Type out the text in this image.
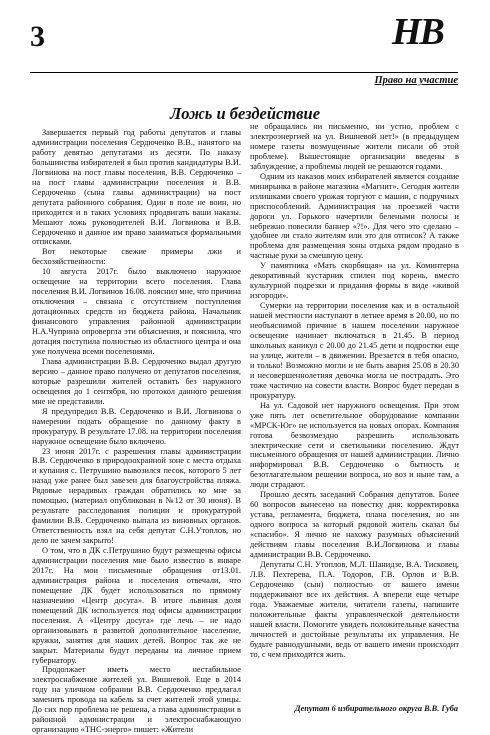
3	НВ
Право на участие
Ложь и бездействие

Завершается первый год работы депутатов и главы администрации поселения Сердюченко В.В., нанятого на работу девятью депутатами из десяти. По наказу большинства избирателей я был против кандидатуры В.И. Логвинова на пост главы поселения, В.В. Сердюченко – на пост главы администрации поселения и В.В. Сердюченко (сына главы администрации) на пост депутата районного собрания. Один в поле не воин, но приходится и в таких условиях продвигать ваши наказы. Мешают ложь руководителей В.И. Логвинова и В.В. Сердюченко и данное им право заниматься формальными отписками.

Вот некоторые свежие примеры лжи и бесхозяйственности:

10 августа 2017г. было выключено наружное освещение на территории всего поселения. Глава поселения В.И. Логвинов 16.08. пояснил мне, что причина отключения – связана с отсутствием поступления дотационных средств из бюджета района. Начальник финансового управления районной администрации Н.А.Чуприна опровергла эти объяснения, и пояснила, что дотация поступила полностью из областного центра и она уже получена всеми поселениями.

Глава администрации В.В. Сердюченко выдал другую версию – данное право получено от депутатов поселения, которые разрешили жителей оставить без наружного освещения до 1 сентября, но протокол данного решения мне не представили.

Я предупредил В.В. Сердюченко и В.И. Логвинова о намерении подать обращение по данному факту в прокуратуру. В результате 17.08. на территории поселения наружное освещение было включено.

23 июня 2017г. с разрешения главы администрации В.В. Сердюченко в природоохранной зоне с места отдыха и купания с. Петрушино вывозился песок, которого 5 лет назад уже ранее был завезен для благоустройства пляжа. Рядовые нерадивых граждан обратились ко мне за помощью. (материал опубликован в №12 от 30 июня). В результате расследования полиции и прокуратурой фамилии В.В. Сердюченко выпала из виновных органов. Ответственность взял на себя депутат С.Н.Утоплов, но дело не зачем закрыто!

О том, что в ДК с.Петрушино будут размещены офисы администрации поселения мне было известно в январе 2017г. На мои письменные обращения от13.01. администрация района и поселения отвечали, что помещение ДК будет использоваться по прямому назначению «Центр досуга». В итоге львиная доля помещений ДК используется под офисы администрации поселения. А «Центру досуга» где лечь – не надо организовывать в развитой дополнительное население, кружки, занятия для наших детей. Вопрос так же не закрыт. Материалы будут переданы на личное прием губернатору.

Продолжает иметь место нестабильное электроснабжение жителей ул. Вишневой. Еще в 2014 году на уличном собрании В.В. Сердюченко предлагал заменить провода на кабель за счет жителей этой улицы. До сих пор проблема не решена, а глава администрации в районной администрации и электроснабжающую организацию «ТНС-энерго» пишет: «Жители

не обращались ни письменно, ни устно, проблем с электроэнергией на ул. Вишневой нет!» (в предыдущем номере газеты возмущенные жители писали об этой проблеме). Вышестоящие организации введены в заблуждение, а проблемы людей не решаются годами.

Одним из наказов моих избирателей является создание минирынка в районе магазина «Магнит». Сегодня жители излишками своего урожая торгуют с машин, с подручных приспособлений. Администрация на проезжей части дороги ул. Горького начертили белеными полосы и небрежно повесили баннер «?!». Для чего это сделано – удобнее ли стало жителям или это для отписок? А также проблема для размещения зоны отдыха рядом продано в частные руки за смешную цену.

У памятника «Мать скорбящая» на ул. Коминтерна декоративный кустарник спилен под корень, вместо культурной подрезки и придания формы в виде «живой изгороди».

Сумерки на территории поселения как и в остальной нашей местности наступают в летнее время в 20.00, но по необъяснимой причине в нашем поселении наружное освещение начинает включаться в 21.45. В период школьных каникул с 20.00 до 21.45 дети и подростки еще на улице, жители – в движении. Врезается в тебя опасно, и только! Возможно могли и не быть авария 25.08 в 20.30 и несовершеннолетняя девочка могла не пострадать. Это тоже частично на совести власти. Вопрос будет передан в прокуратуру.

На ул. Садовой нет наружного освещения. При этом уже пять лет осветительное оборудование компании «МРСК-Юг» не используется на новых опорах. Компания готова безвозмездно разрешить использовать электрические сети и светильники поселению. Ждут письменного обращения от нашей администрации. Лично информировал В.В. Сердюченко о бытность и безотлагательном решении вопроса, но воз и ныне там, а люди страдают.

Прошло десять заседаний Собрания депутатов. Более 60 вопросов вынесено на повестку дня: корректировка устава, регламента, бюджета, плана поселения, но ни одного вопроса за который рядовой житель сказал бы «спасибо». Я лично не нахожу разумных объяснений действиям главы поселения В.И.Логвинова и главы администрации В.В. Сердюченко.

Депутаты С.Н. Утоплов, М.Л. Шанидзе, В.А. Тисковец, Л.В. Пехтерева, П.А. Тодоров, Г.В. Орлов и В.В. Сердюченко (сын) полностью от вашего имени поддерживают все их действия. А вперели еще четыре года. Уважаемые жители, читатели газеты, напишите положительные факты управленческой деятельности нашей власти. Помогите увидеть положительные качества личностей и достойные результаты их управления. Не будьте равнодушными, ведь от вашего имени происходит то, с чем приходится жить.

Депутат 6 избирательного округа В.В. Губа
